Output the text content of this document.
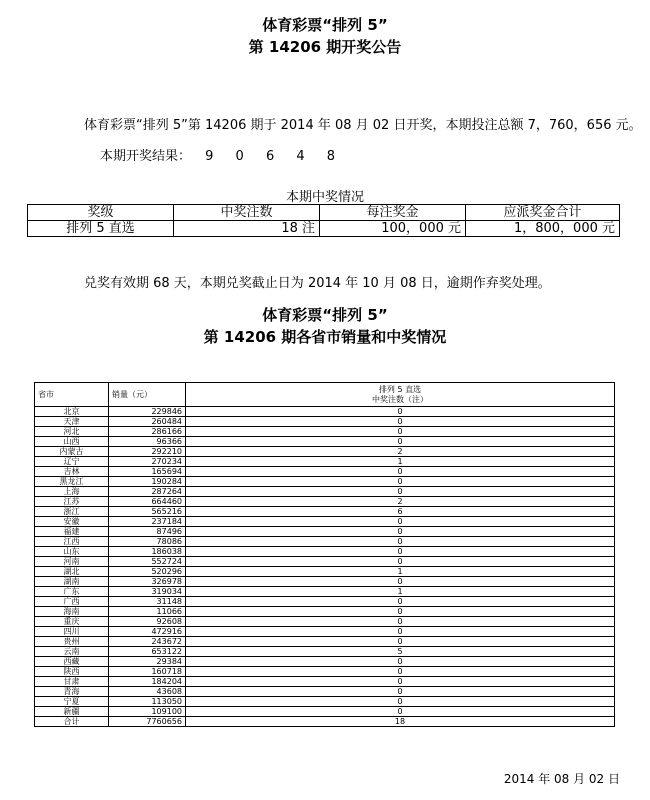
体育彩票“排列 5”
第 14206 期开奖公告
体育彩票“排列 5”第 14206 期于 2014 年 08 月 02 日开奖，本期投注总额 7，760，656 元。
本期开奖结果： 9 0 6 4 8
本期中奖情况
奖级	中奖注数	每注奖金	应派奖金合计
排列 5 直选	18 注	100，000 元	1，800，000 元
兑奖有效期 68 天，本期兑奖截止日为 2014 年 10 月 08 日，逾期作弃奖处理。
体育彩票“排列 5”
第 14206 期各省市销量和中奖情况
省市	销量（元）	排列 5 直选
中奖注数（注）

北京	229846	0
天津	260484	0
河北	286166	0
山西	96366	0
内蒙古	292210	2
辽宁	270234	1
吉林	165694	0
黑龙江	190284	0
上海	287264	0
江苏	664460	2
浙江	565216	6
安徽	237184	0
福建	87496	0
江西	78086	0
山东	186038	0
河南	552724	0
湖北	520296	1
湖南	326978	0
广东	319034	1
广西	31148	0
海南	11066	0
重庆	92608	0
四川	472916	0
贵州	243672	0
云南	653122	5
西藏	29384	0
陕西	160718	0
甘肃	184204	0
青海	43608	0
宁夏	113050	0
新疆	109100	0
合计	7760656	18
2014 年 08 月 02 日
